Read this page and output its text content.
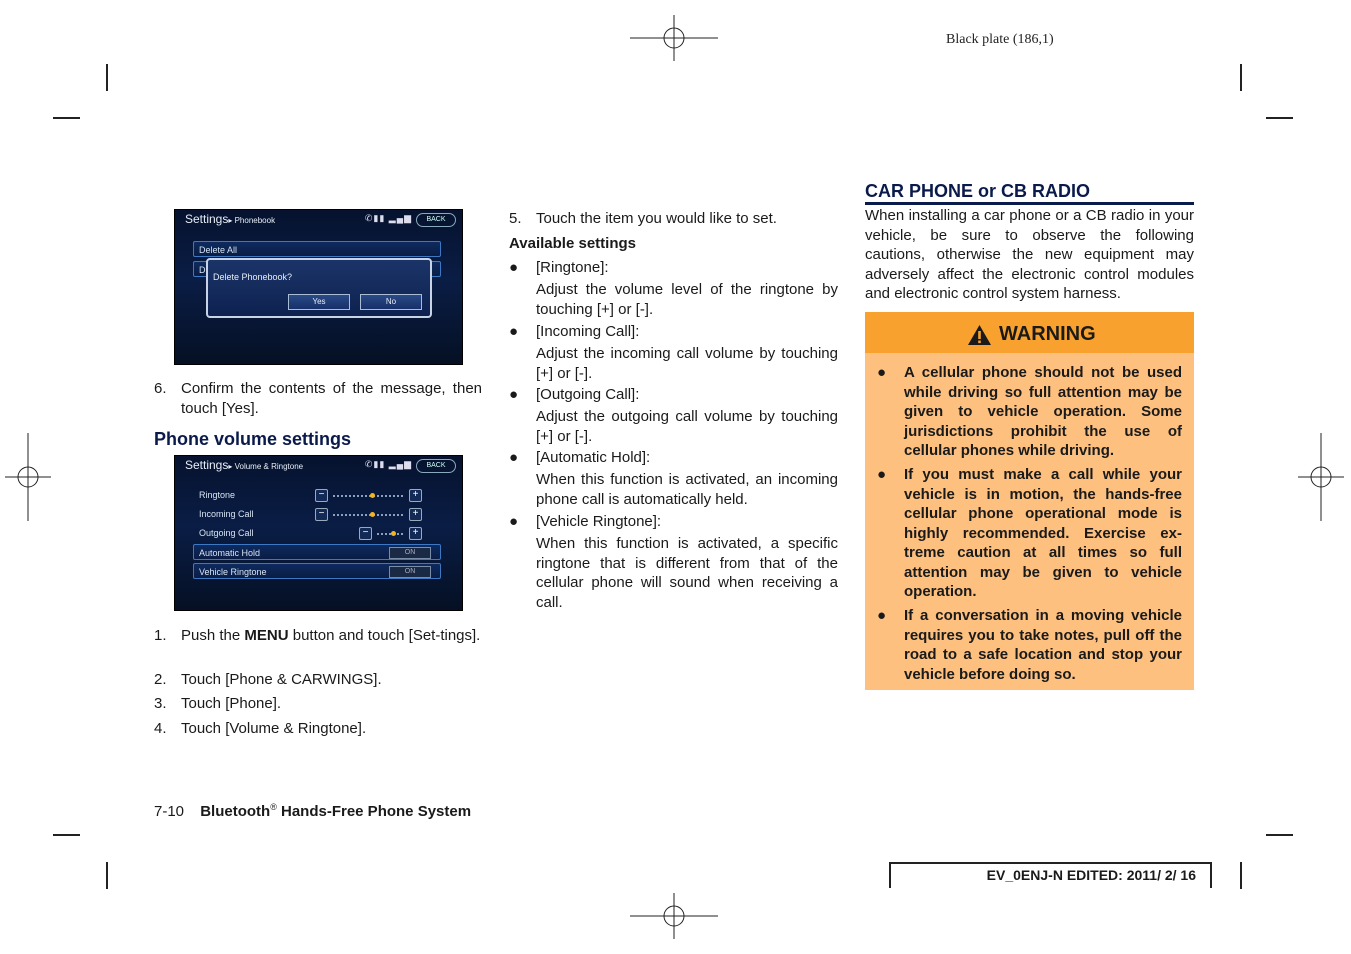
Black plate (186,1)
Settings▸ Phonebook	✆▮▮ ▂▄▆	BACK
Delete All
D
Delete Phonebook?
Yes	No
6. Confirm the contents of the message, then touch [Yes].
Phone volume settings
Settings▸ Volume & Ringtone	✆▮▮ ▂▄▆	BACK
Ringtone	−	+
Incoming Call	−	+
Outgoing Call	−	+
Automatic Hold	ON
Vehicle Ringtone	ON
1. Push the MENU button and touch [Set-tings].
2. Touch [Phone & CARWINGS].
3. Touch [Phone].
4. Touch [Volume & Ringtone].
5. Touch the item you would like to set.
Available settings
● [Ringtone]:
Adjust the volume level of the ringtone by touching [+] or [-].
● [Incoming Call]:
Adjust the incoming call volume by touching [+] or [-].
● [Outgoing Call]:
Adjust the outgoing call volume by touching [+] or [-].
● [Automatic Hold]:
When this function is activated, an incoming phone call is automatically held.
● [Vehicle Ringtone]:
When this function is activated, a specific ringtone that is different from that of the cellular phone will sound when receiving a call.
CAR PHONE or CB RADIO
When installing a car phone or a CB radio in your vehicle, be sure to observe the following cautions, otherwise the new equipment may adversely affect the electronic control modules and electronic control system harness.
WARNING
● A cellular phone should not be used while driving so full attention may be given to vehicle operation. Some jurisdictions prohibit the use of cellular phones while driving.
● If you must make a call while your vehicle is in motion, the hands-free cellular phone operational mode is highly recommended. Exercise ex-treme caution at all times so full attention may be given to vehicle operation.
● If a conversation in a moving vehicle requires you to take notes, pull off the road to a safe location and stop your vehicle before doing so.
7-10 Bluetooth® Hands-Free Phone System
EV_0ENJ-N EDITED: 2011/ 2/ 16
